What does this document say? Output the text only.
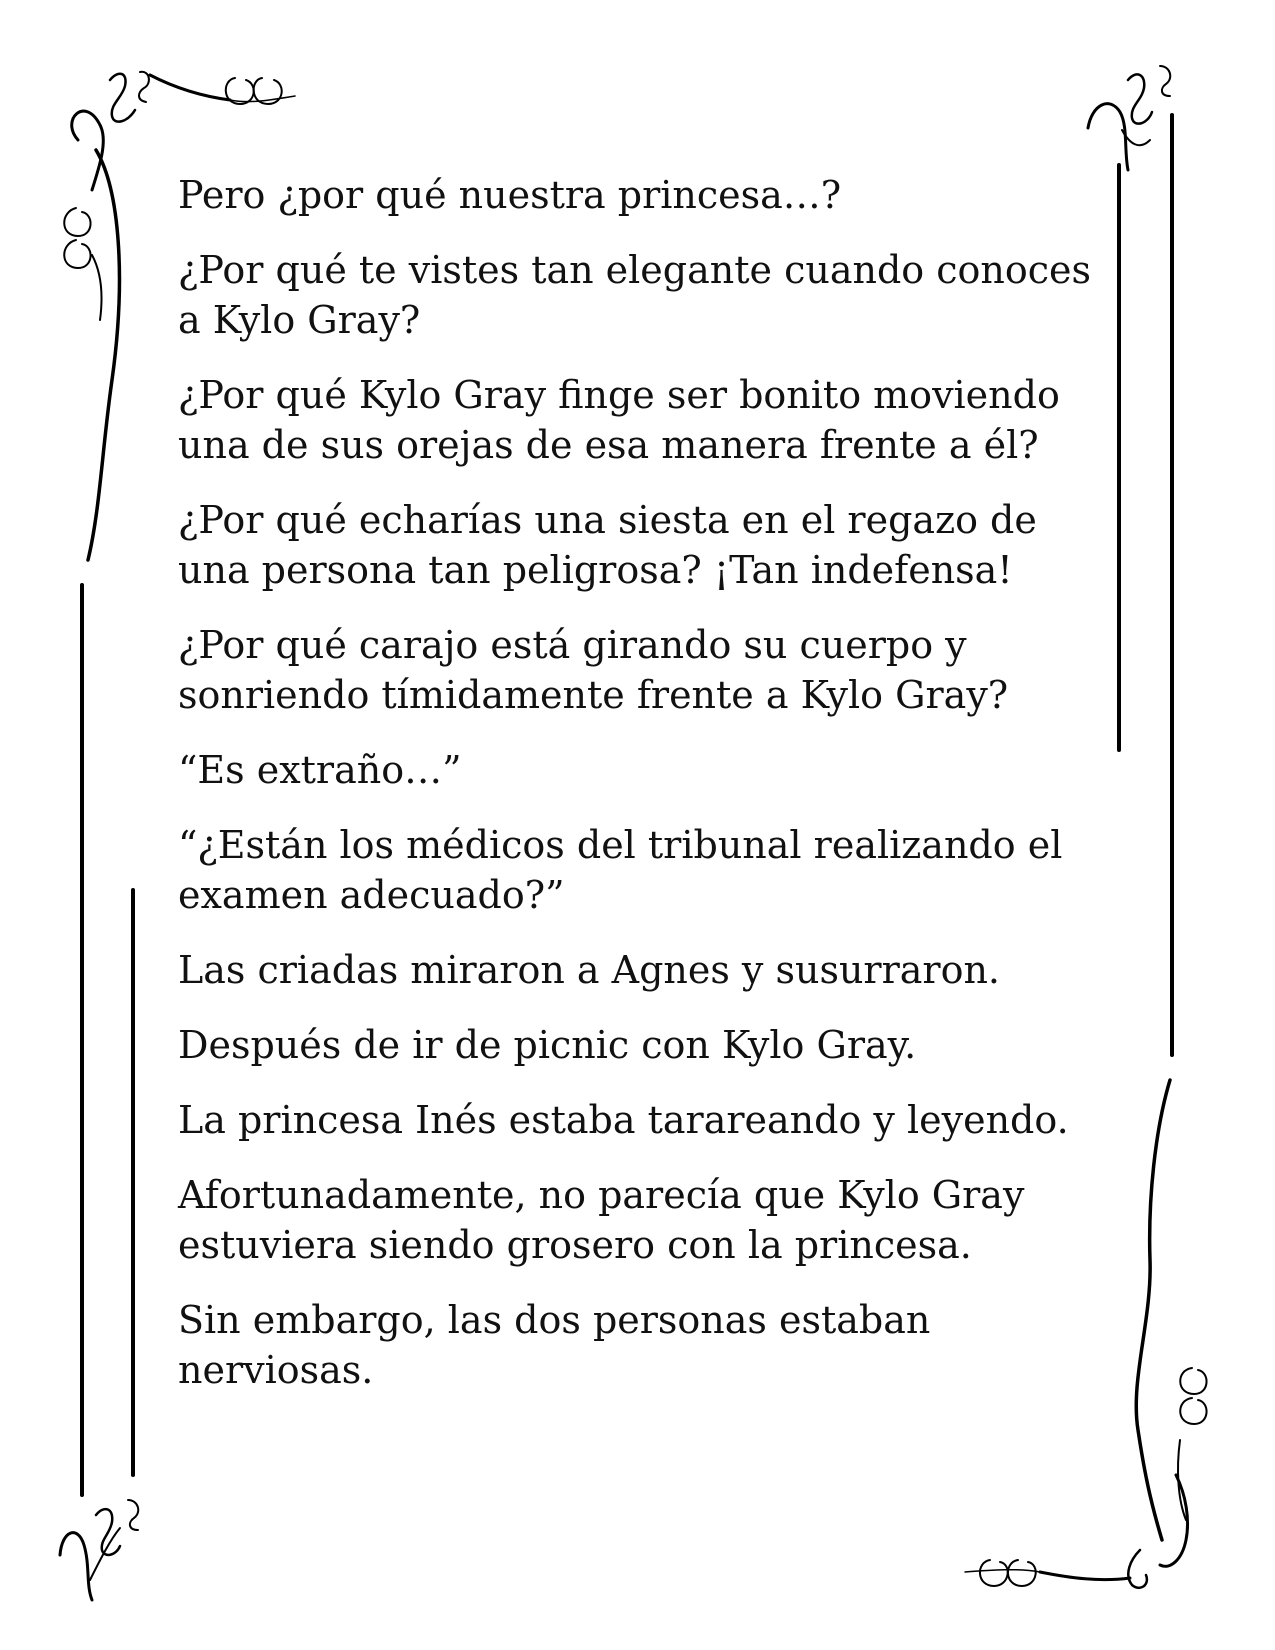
Pero ¿por qué nuestra princesa…?

¿Por qué te vistes tan elegante cuando conoces
a Kylo Gray?

¿Por qué Kylo Gray finge ser bonito moviendo
una de sus orejas de esa manera frente a él?

¿Por qué echarías una siesta en el regazo de
una persona tan peligrosa? ¡Tan indefensa!

¿Por qué carajo está girando su cuerpo y
sonriendo tímidamente frente a Kylo Gray?

“Es extraño…”

“¿Están los médicos del tribunal realizando el
examen adecuado?”

Las criadas miraron a Agnes y susurraron.

Después de ir de picnic con Kylo Gray.

La princesa Inés estaba tarareando y leyendo.

Afortunadamente, no parecía que Kylo Gray
estuviera siendo grosero con la princesa.

Sin embargo, las dos personas estaban
nerviosas.
